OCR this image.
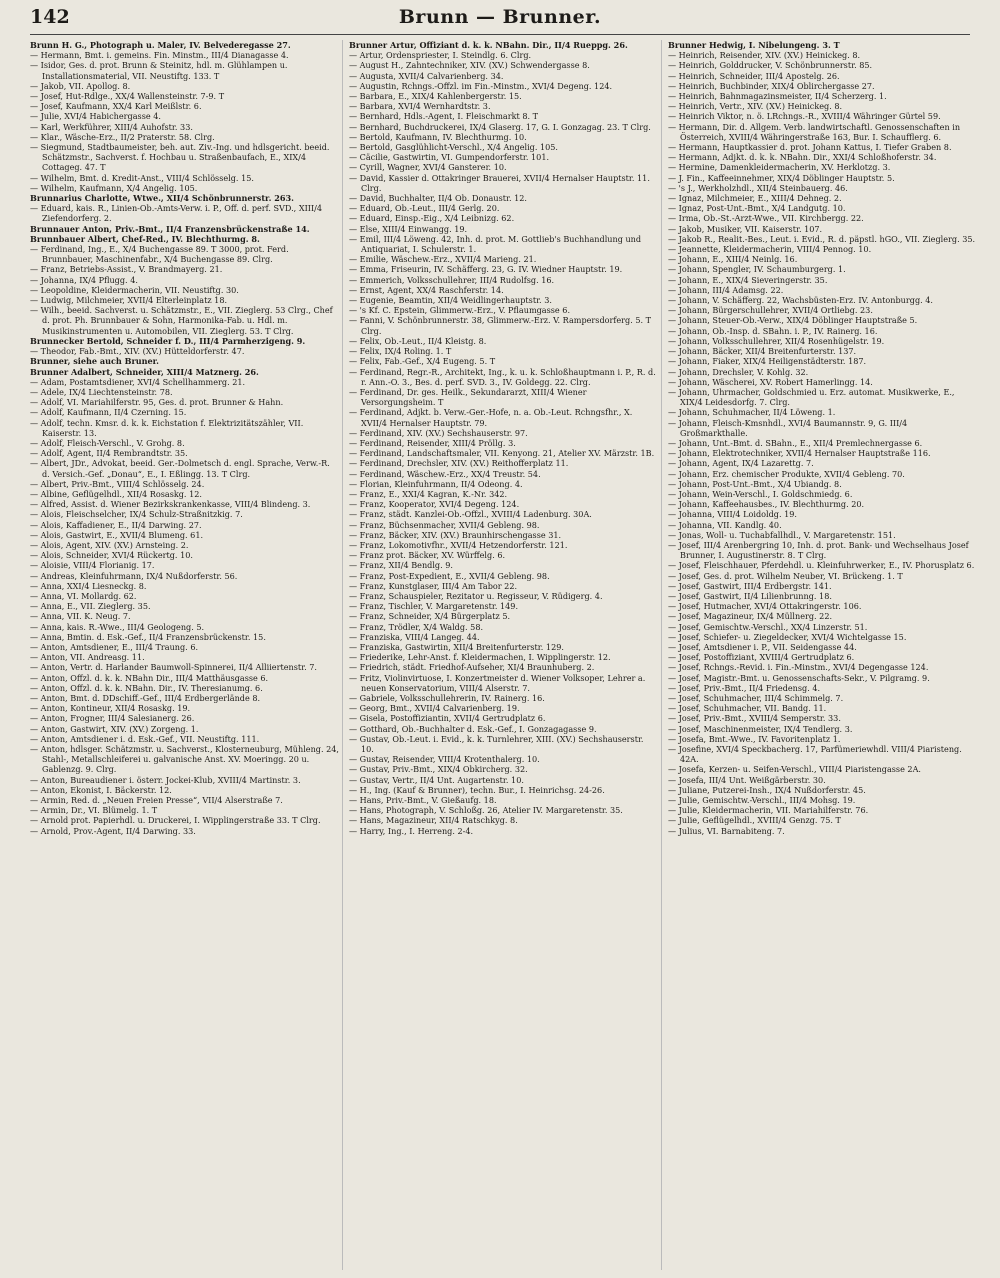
142	Brunn — Brunner.
Brunn H. G., Photograph u. Maler, IV. Belvederegasse 27.
— Hermann, Bmt. i. gemeins. Fin. Minstm., III/4 Dianagasse 4.
— Isidor, Ges. d. prot. Brunn & Steinitz, hdl. m. Glühlampen u. Installationsmaterial, VII. Neustiftg. 133. T
— Jakob, VII. Apollog. 8.
— Josef, Hut-Rdlge., XX/4 Wallensteinstr. 7-9. T
— Josef, Kaufmann, XX/4 Karl Meißlstr. 6.
— Julie, XVI/4 Habichergasse 4.
— Karl, Werkführer, XIII/4 Auhofstr. 33.
— Klar., Wäsche-Erz., II/2 Praterstr. 58. Clrg.
— Siegmund, Stadtbaumeister, beh. aut. Ziv.-Ing. und hdlsgericht. beeid. Schätzmstr., Sachverst. f. Hochbau u. Straßenbaufach, E., XIX/4 Cottageg. 47. T
— Wilhelm, Bmt. d. Kredit-Anst., VIII/4 Schlösselg. 15.
— Wilhelm, Kaufmann, X/4 Angelig. 105.
Brunnarius Charlotte, Wtwe., XII/4 Schönbrunnerstr. 263.
— Eduard, kais. R., Linien-Ob.-Amts-Verw. i. P., Off. d. perf. SVD., XIII/4 Ziefendorferg. 2.
Brunnauer Anton, Priv.-Bmt., II/4 Franzensbrückenstraße 14.
Brunnbauer Albert, Chef-Red., IV. Blechthurmg. 8.
— Ferdinand, Ing., E., X/4 Buchengasse 89. T 3000, prot. Ferd. Brunnbauer, Maschinenfabr., X/4 Buchengasse 89. Clrg.
— Franz, Betriebs-Assist., V. Brandmayerg. 21.
— Johanna, IX/4 Pflugg. 4.
— Leopoldine, Kleidermacherin, VII. Neustiftg. 30.
— Ludwig, Milchmeier, XVII/4 Elterleinplatz 18.
— Wilh., beeid. Sachverst. u. Schätzmstr., E., VII. Zieglerg. 53 Clrg., Chef d. prot. Ph. Brunnbauer & Sohn, Harmonika-Fab. u. Hdl. m. Musikinstrumenten u. Automobilen, VII. Zieglerg. 53. T Clrg.
Brunnecker Bertold, Schneider f. D., III/4 Parmherzigeng. 9.
— Theodor, Fab.-Bmt., XIV. (XV.) Hütteldorferstr. 47.
Brunner, siehe auch Bruner.
Brunner Adalbert, Schneider, XIII/4 Matznerg. 26.
— Adam, Postamtsdiener, XVI/4 Schellhammerg. 21.
— Adele, IX/4 Liechtensteinstr. 78.
— Adolf, VI. Mariahilferstr. 95, Ges. d. prot. Brunner & Hahn.
— Adolf, Kaufmann, II/4 Czerning. 15.
— Adolf, techn. Kmsr. d. k. k. Eichstation f. Elektrizitätszähler, VII. Kaiserstr. 13.
— Adolf, Fleisch-Verschl., V. Grohg. 8.
— Adolf, Agent, II/4 Rembrandtstr. 35.
— Albert, JDr., Advokat, beeid. Ger.-Dolmetsch d. engl. Sprache, Verw.-R. d. Versich.-Gef. „Donau“, E., I. Eßlingg. 13. T Clrg.
— Albert, Priv.-Bmt., VIII/4 Schlösselg. 24.
— Albine, Geflügelhdl., XII/4 Rosaskg. 12.
— Alfred, Assist. d. Wiener Bezirkskrankenkasse, VIII/4 Blindeng. 3.
— Alois, Fleischselcher, IX/4 Schulz-Straßnitzkig. 7.
— Alois, Kaffadiener, E., II/4 Darwing. 27.
— Alois, Gastwirt, E., XVII/4 Blumeng. 61.
— Alois, Agent, XIV. (XV.) Arnsteing. 2.
— Alois, Schneider, XVI/4 Rückertg. 10.
— Aloisie, VIII/4 Florianig. 17.
— Andreas, Kleinfuhrmann, IX/4 Nußdorferstr. 56.
— Anna, XXI/4 Liesneckg. 8.
— Anna, VI. Mollardg. 62.
— Anna, E., VII. Zieglerg. 35.
— Anna, VII. K. Neug. 7.
— Anna, kais. R.-Wwe., III/4 Geologeng. 5.
— Anna, Bmtin. d. Esk.-Gef., II/4 Franzensbrückenstr. 15.
— Anton, Amtsdiener, E., III/4 Traung. 6.
— Anton, VII. Andreasg. 11.
— Anton, Vertr. d. Harlander Baumwoll-Spinnerei, II/4 Alliiertenstr. 7.
— Anton, Offzl. d. k. k. NBahn Dir., III/4 Matthäusgasse 6.
— Anton, Offzl. d. k. k. NBahn. Dir., IV. Theresianumg. 6.
— Anton, Bmt. d. DDschiff.-Gef., III/4 Erdbergerlände 8.
— Anton, Kontineur, XII/4 Rosaskg. 19.
— Anton, Frogner, III/4 Salesianerg. 26.
— Anton, Gastwirt, XIV. (XV.) Zorgeng. 1.
— Anton, Amtsdiener i. d. Esk.-Gef., VII. Neustiftg. 111.
— Anton, hdlsger. Schätzmstr. u. Sachverst., Klosterneuburg, Mühleng. 24, Stahl-, Metallschleiferei u. galvanische Anst. XV. Moeringg. 20 u. Gablenzg. 9. Clrg.
— Anton, Bureaudiener i. österr. Jockei-Klub, XVIII/4 Martinstr. 3.
— Anton, Ekonist, I. Bäckerstr. 12.
— Armin, Red. d. „Neuen Freien Presse“, VII/4 Alserstraße 7.
— Armin, Dr., VI. Blümelg. 1. T
— Arnold prot. Papierhdl. u. Druckerei, I. Wipplingerstraße 33. T Clrg.
— Arnold, Prov.-Agent, II/4 Darwing. 33.
Brunner Artur, Offiziant d. k. k. NBahn. Dir., II/4 Rueppg. 26.
— Artur, Ordenspriester, I. Steindlg. 6. Clrg.
— August H., Zahntechniker, XIV. (XV.) Schwendergasse 8.
— Augusta, XVII/4 Calvarienberg. 34.
— Augustin, Rchngs.-Offzl. im Fin.-Minstm., XVI/4 Degeng. 124.
— Barbara, E., XIX/4 Kahlenbergerstr. 15.
— Barbara, XVI/4 Wernhardtstr. 3.
— Bernhard, Hdls.-Agent, I. Fleischmarkt 8. T
— Bernhard, Buchdruckerei, IX/4 Glaserg. 17, G. I. Gonzagag. 23. T Clrg.
— Bertold, Kaufmann, IV. Blechthurmg. 10.
— Bertold, Gasglühlicht-Verschl., X/4 Angelig. 105.
— Cäcilie, Gastwirtin, VI. Gumpendorferstr. 101.
— Cyrill, Wagner, XVI/4 Gansterer. 10.
— David, Kassier d. Ottakringer Brauerei, XVII/4 Hernalser Hauptstr. 11. Clrg.
— David, Buchhalter, II/4 Ob. Donaustr. 12.
— Eduard, Ob.-Leut., III/4 Gerlg. 20.
— Eduard, Einsp.-Eig., X/4 Leibnizg. 62.
— Else, XIII/4 Einwangg. 19.
— Emil, III/4 Löweng. 42, Inh. d. prot. M. Gottlieb's Buchhandlung und Antiquariat, I. Schulerstr. 1.
— Emilie, Wäschew.-Erz., XVII/4 Marieng. 21.
— Emma, Friseurin, IV. Schäfferg. 23, G. IV. Wiedner Hauptstr. 19.
— Emmerich, Volksschullehrer, III/4 Rudolfsg. 16.
— Ernst, Agent, XX/4 Raschferstr. 14.
— Eugenie, Beamtin, XII/4 Weidlingerhauptstr. 3.
— 's Kf. C. Epstein, Glimmerw.-Erz., V. Pflaumgasse 6.
— Fanni, V. Schönbrunnerstr. 38, Glimmerw.-Erz. V. Rampersdorferg. 5. T Clrg.
— Felix, Ob.-Leut., II/4 Kleistg. 8.
— Felix, IX/4 Roling. 1. T
— Felix, Fab.-Gef., X/4 Eugeng. 5. T
— Ferdinand, Regr.-R., Architekt, Ing., k. u. k. Schloßhauptmann i. P., R. d. r. Ann.-O. 3., Bes. d. perf. SVD. 3., IV. Goldegg. 22. Clrg.
— Ferdinand, Dr. ges. Heilk., Sekundararzt, XIII/4 Wiener Versorgungsheim. T
— Ferdinand, Adjkt. b. Verw.-Ger.-Hofe, n. a. Ob.-Leut. Rchngsfhr., X. XVII/4 Hernalser Hauptstr. 79.
— Ferdinand, XIV. (XV.) Sechshauserstr. 97.
— Ferdinand, Reisender, XIII/4 Pröllg. 3.
— Ferdinand, Landschaftsmaler, VII. Kenyong. 21, Atelier XV. Märzstr. 1B.
— Ferdinand, Drechsler, XIV. (XV.) Reithofferplatz 11.
— Ferdinand, Wäschew.-Erz., XX/4 Treustr. 54.
— Florian, Kleinfuhrmann, II/4 Odeong. 4.
— Franz, E., XXI/4 Kagran, K.-Nr. 342.
— Franz, Kooperator, XVI/4 Degeng. 124.
— Franz, städt. Kanzlei-Ob.-Offzl., XVIII/4 Ladenburg. 30A.
— Franz, Büchsenmacher, XVII/4 Gebleng. 98.
— Franz, Bäcker, XIV. (XV.) Braunhirschengasse 31.
— Franz, Lokomotivfhr., XVII/4 Hetzendorferstr. 121.
— Franz prot. Bäcker, XV. Würffelg. 6.
— Franz, XII/4 Bendlg. 9.
— Franz, Post-Expedient, E., XVII/4 Gebleng. 98.
— Franz, Kunstglaser, III/4 Am Tabor 22.
— Franz, Schauspieler, Rezitator u. Regisseur, V. Rüdigerg. 4.
— Franz, Tischler, V. Margaretenstr. 149.
— Franz, Schneider, X/4 Bürgerplatz 5.
— Franz, Trödler, X/4 Waldg. 58.
— Franziska, VIII/4 Langeg. 44.
— Franziska, Gastwirtin, XII/4 Breitenfurterstr. 129.
— Friederike, Lehr-Anst. f. Kleidermachen, I. Wipplingerstr. 12.
— Friedrich, städt. Friedhof-Aufseher, XI/4 Braunhuberg. 2.
— Fritz, Violinvirtuose, I. Konzertmeister d. Wiener Volksoper, Lehrer a. neuen Konservatorium, VIII/4 Alserstr. 7.
— Gabriele, Volksschullehrerin, IV. Rainerg. 16.
— Georg, Bmt., XVII/4 Calvarienberg. 19.
— Gisela, Postoffiziantin, XVII/4 Gertrudplatz 6.
— Gotthard, Ob.-Buchhalter d. Esk.-Gef., I. Gonzagagasse 9.
— Gustav, Ob.-Leut. i. Evid., k. k. Turnlehrer, XIII. (XV.) Sechshauserstr. 10.
— Gustav, Reisender, VIII/4 Krotenthalerg. 10.
— Gustav, Priv.-Bmt., XIX/4 Obkircherg. 32.
— Gustav, Vertr., II/4 Unt. Augartenstr. 10.
— H., Ing. (Kauf & Brunner), techn. Bur., I. Heinrichsg. 24-26.
— Hans, Priv.-Bmt., V. Gießaufg. 18.
— Hans, Photograph, V. Schloßg. 26, Atelier IV. Margaretenstr. 35.
— Hans, Magazineur, XII/4 Ratschkyg. 8.
— Harry, Ing., I. Herreng. 2-4.
Brunner Hedwig, I. Nibelungeng. 3. T
— Heinrich, Reisender, XIV. (XV.) Heinickeg. 8.
— Heinrich, Golddrucker, V. Schönbrunnerstr. 85.
— Heinrich, Schneider, III/4 Apostelg. 26.
— Heinrich, Buchbinder, XIX/4 Oblirchergasse 27.
— Heinrich, Bahnmagazinsmeister, II/4 Scherzerg. 1.
— Heinrich, Vertr., XIV. (XV.) Heinickeg. 8.
— Heinrich Viktor, n. ö. LRchngs.-R., XVIII/4 Währinger Gürtel 59.
— Hermann, Dir. d. Allgem. Verb. landwirtschaftl. Genossenschaften in Österreich, XVIII/4 Währingerstraße 163, Bur. I. Schaufflerg. 6.
— Hermann, Hauptkassier d. prot. Johann Kattus, I. Tiefer Graben 8.
— Hermann, Adjkt. d. k. k. NBahn. Dir., XXI/4 Schloßhoferstr. 34.
— Hermine, Damenkleidermacherin, XV. Herklotzg. 3.
— J. Fin., Kaffeeinnehmer, XIX/4 Döblinger Hauptstr. 5.
— 's J., Werkholzhdl., XII/4 Steinbauerg. 46.
— Ignaz, Milchmeier, E., XIII/4 Dehneg. 2.
— Ignaz, Post-Unt.-Bmt., X/4 Landgutg. 10.
— Irma, Ob.-St.-Arzt-Wwe., VII. Kirchbergg. 22.
— Jakob, Musiker, VII. Kaiserstr. 107.
— Jakob R., Realit.-Bes., Leut. i. Evid., R. d. päpstl. hGO., VII. Zieglerg. 35.
— Jeannette, Kleidermacherin, VIII/4 Pennog. 10.
— Johann, E., XIII/4 Neinlg. 16.
— Johann, Spengler, IV. Schaumburgerg. 1.
— Johann, E., XIX/4 Sieveringerstr. 35.
— Johann, III/4 Adamsg. 22.
— Johann, V. Schäfferg. 22, Wachsbüsten-Erz. IV. Antonburgg. 4.
— Johann, Bürgerschullehrer, XVII/4 Ortliebg. 23.
— Johann, Steuer-Ob.-Verw., XIX/4 Döblinger Hauptstraße 5.
— Johann, Ob.-Insp. d. SBahn. i. P., IV. Rainerg. 16.
— Johann, Volksschullehrer, XII/4 Rosenhügelstr. 19.
— Johann, Bäcker, XII/4 Breitenfurterstr. 137.
— Johann, Fiaker, XIX/4 Heiligenstädterstr. 187.
— Johann, Drechsler, V. Kohlg. 32.
— Johann, Wäscherei, XV. Robert Hamerlingg. 14.
— Johann, Uhrmacher, Goldschmied u. Erz. automat. Musikwerke, E., XIX/4 Leidesdorfg. 7. Clrg.
— Johann, Schuhmacher, II/4 Löweng. 1.
— Johann, Fleisch-Kmsnhdl., XVI/4 Baumannstr. 9, G. III/4 Großmarkthalle.
— Johann, Unt.-Bmt. d. SBahn., E., XII/4 Premlechnergasse 6.
— Johann, Elektrotechniker, XVII/4 Hernalser Hauptstraße 116.
— Johann, Agent, IX/4 Lazarettg. 7.
— Johann, Erz. chemischer Produkte, XVII/4 Gebleng. 70.
— Johann, Post-Unt.-Bmt., X/4 Ubiandg. 8.
— Johann, Wein-Verschl., I. Goldschmiedg. 6.
— Johann, Kaffeehausbes., IV. Blechthurmg. 20.
— Johanna, VIII/4 Loidoldg. 19.
— Johanna, VII. Kandlg. 40.
— Jonas, Woll- u. Tuchabfallhdl., V. Margaretenstr. 151.
— Josef, III/4 Arenbergring 10, Inh. d. prot. Bank- und Wechselhaus Josef Brunner, I. Augustinerstr. 8. T Clrg.
— Josef, Fleischhauer, Pferdehdl. u. Kleinfuhrwerker, E., IV. Phorusplatz 6.
— Josef, Ges. d. prot. Wilhelm Neuber, VI. Brückeng. 1. T
— Josef, Gastwirt, III/4 Erdbergstr. 141.
— Josef, Gastwirt, II/4 Lilienbrunng. 18.
— Josef, Hutmacher, XVI/4 Ottakringerstr. 106.
— Josef, Magazineur, IX/4 Müllnerg. 22.
— Josef, Gemischtw.-Verschl., XX/4 Linzerstr. 51.
— Josef, Schiefer- u. Ziegeldecker, XVI/4 Wichtelgasse 15.
— Josef, Amtsdiener i. P., VII. Seidengasse 44.
— Josef, Postoffiziant, XVIII/4 Gertrudplatz 6.
— Josef, Rchngs.-Revid. i. Fin.-Minstm., XVI/4 Degengasse 124.
— Josef, Magistr.-Bmt. u. Genossenschafts-Sekr., V. Pilgramg. 9.
— Josef, Priv.-Bmt., II/4 Friedensg. 4.
— Josef, Schuhmacher, III/4 Schimmelg. 7.
— Josef, Schuhmacher, VII. Bandg. 11.
— Josef, Priv.-Bmt., XVIII/4 Semperstr. 33.
— Josef, Maschinenmeister, IX/4 Tendlerg. 3.
— Josefa, Bmt.-Wwe., IV. Favoritenplatz 1.
— Josefine, XVI/4 Speckbacherg. 17, Parfümeriewhdl. VIII/4 Piaristeng. 42A.
— Josefa, Kerzen- u. Seifen-Verschl., VIII/4 Piaristengasse 2A.
— Josefa, III/4 Unt. Weißgärberstr. 30.
— Juliane, Putzerei-Insh., IX/4 Nußdorferstr. 45.
— Julie, Gemischtw.-Verschl., III/4 Mohsg. 19.
— Julie, Kleidermacherin, VII. Mariahilferstr. 76.
— Julie, Geflügelhdl., XVIII/4 Genzg. 75. T
— Julius, VI. Barnabiteng. 7.
